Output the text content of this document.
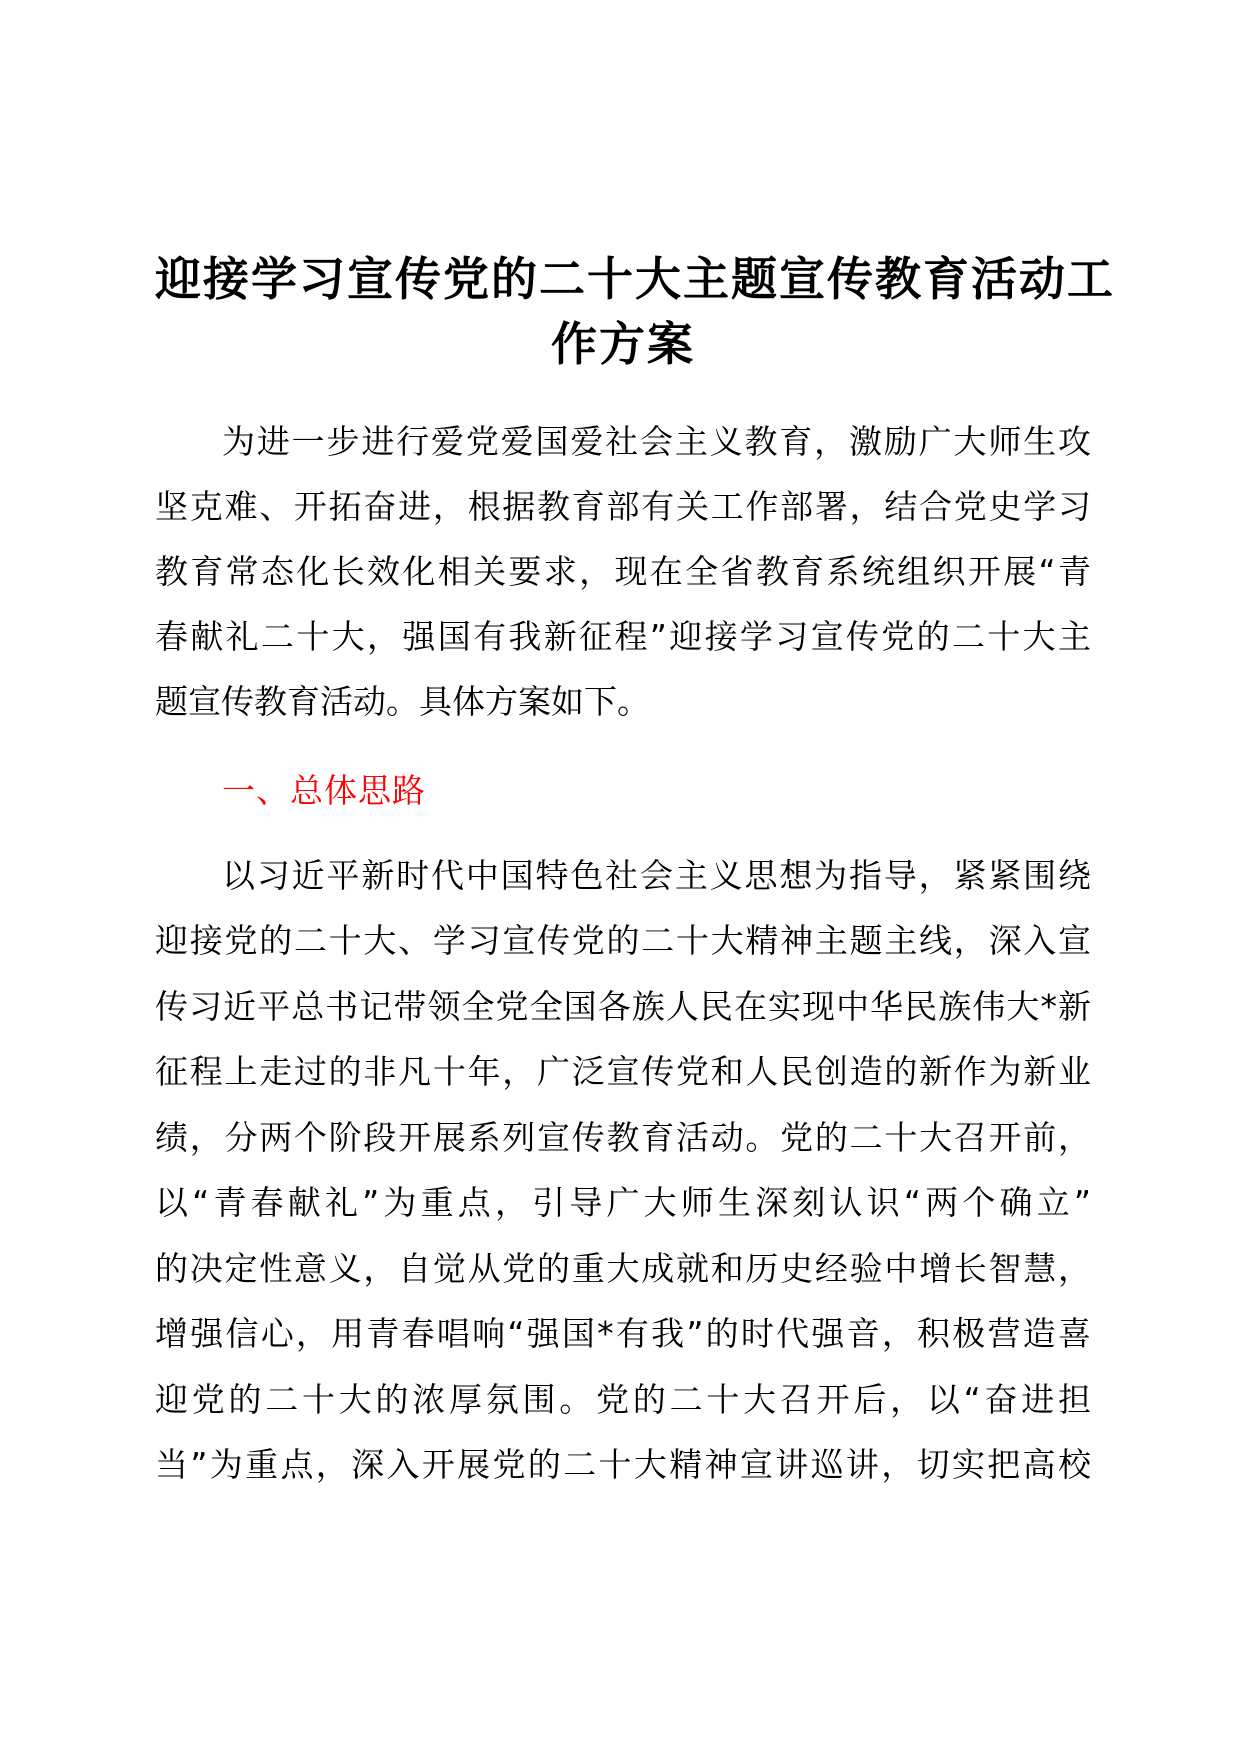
迎接学习宣传党的二十大主题宣传教育活动工
作方案
为进一步进行爱党爱国爱社会主义教育，激励广大师生攻
坚克难、开拓奋进，根据教育部有关工作部署，结合党史学习
教育常态化长效化相关要求，现在全省教育系统组织开展“青
春献礼二十大，强国有我新征程”迎接学习宣传党的二十大主
题宣传教育活动。具体方案如下。
一、总体思路
以习近平新时代中国特色社会主义思想为指导，紧紧围绕
迎接党的二十大、学习宣传党的二十大精神主题主线，深入宣
传习近平总书记带领全党全国各族人民在实现中华民族伟大*新
征程上走过的非凡十年，广泛宣传党和人民创造的新作为新业
绩，分两个阶段开展系列宣传教育活动。党的二十大召开前，
以“青春献礼”为重点，引导广大师生深刻认识“两个确立”
的决定性意义，自觉从党的重大成就和历史经验中增长智慧，
增强信心，用青春唱响“强国*有我”的时代强音，积极营造喜
迎党的二十大的浓厚氛围。党的二十大召开后，以“奋进担
当”为重点，深入开展党的二十大精神宣讲巡讲，切实把高校
